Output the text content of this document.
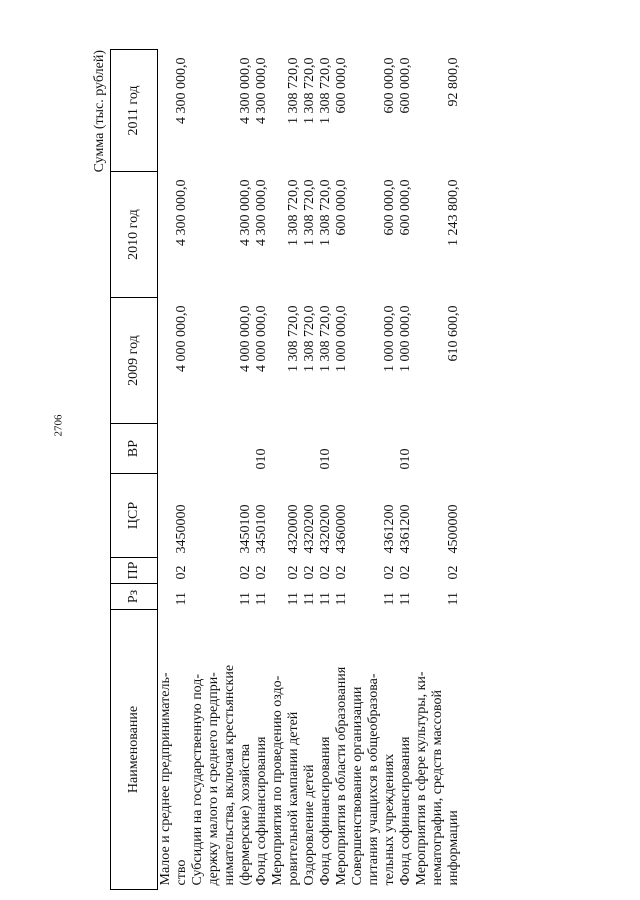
2706
Сумма (тыс. рублей)
Наименование	Рз	ПР	ЦСР	ВР	2009 год	2010 год	2011 год
Малое и среднее предприниматель-
ство	11	02	3450000		4 000 000,0	4 300 000,0	4 300 000,0
Субсидии на государственную под-
держку малого и среднего предпри-
нимательства, включая крестьянские
(фермерские) хозяйства	11	02	3450100		4 000 000,0	4 300 000,0	4 300 000,0
Фонд софинансирования	11	02	3450100	010	4 000 000,0	4 300 000,0	4 300 000,0
Мероприятия по проведению оздо-
ровительной кампании детей	11	02	4320000		1 308 720,0	1 308 720,0	1 308 720,0
Оздоровление детей	11	02	4320200		1 308 720,0	1 308 720,0	1 308 720,0
Фонд софинансирования	11	02	4320200	010	1 308 720,0	1 308 720,0	1 308 720,0
Мероприятия в области образования	11	02	4360000		1 000 000,0	600 000,0	600 000,0
Совершенствование организации
питания учащихся в общеобразова-
тельных учреждениях	11	02	4361200		1 000 000,0	600 000,0	600 000,0
Фонд софинансирования	11	02	4361200	010	1 000 000,0	600 000,0	600 000,0
Мероприятия в сфере культуры, ки-
нематографии, средств массовой
информации	11	02	4500000		610 600,0	1 243 800,0	92 800,0
